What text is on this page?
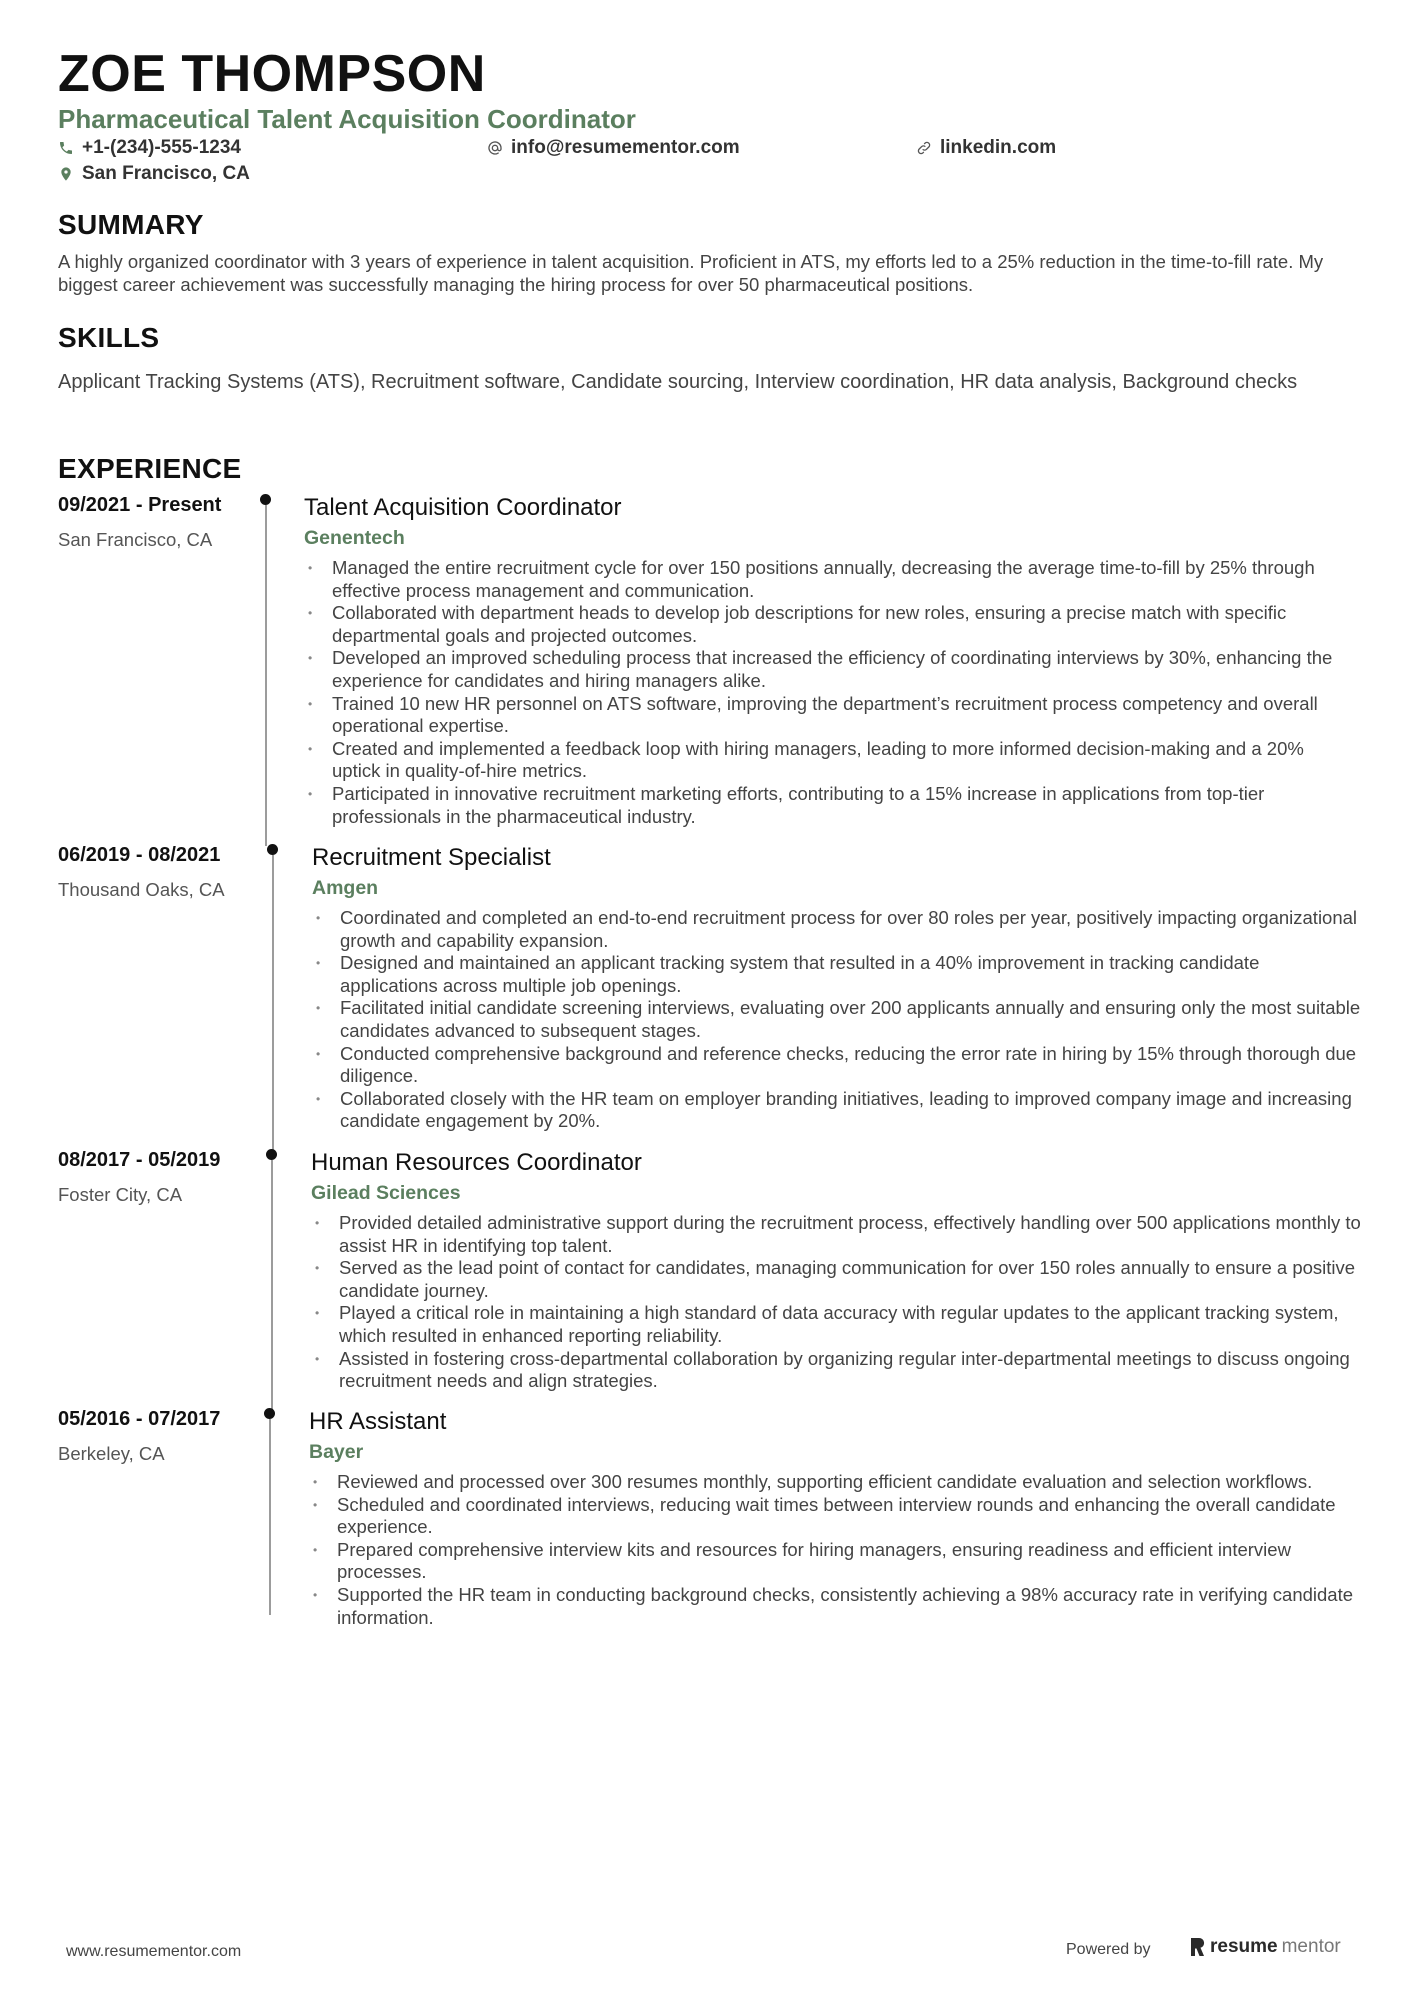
ZOE THOMPSON
Pharmaceutical Talent Acquisition Coordinator
+1-(234)-555-1234	info@resumementor.com	linkedin.com
San Francisco, CA
SUMMARY
A highly organized coordinator with 3 years of experience in talent acquisition. Proficient in ATS, my efforts led to a 25% reduction in the time-to-fill rate. My biggest career achievement was successfully managing the hiring process for over 50 pharmaceutical positions.
SKILLS
Applicant Tracking Systems (ATS), Recruitment software, Candidate sourcing, Interview coordination, HR data analysis, Background checks
EXPERIENCE
09/2021 - Present
San Francisco, CA
Talent Acquisition Coordinator
Genentech
• Managed the entire recruitment cycle for over 150 positions annually, decreasing the average time-to-fill by 25% through effective process management and communication.
• Collaborated with department heads to develop job descriptions for new roles, ensuring a precise match with specific departmental goals and projected outcomes.
• Developed an improved scheduling process that increased the efficiency of coordinating interviews by 30%, enhancing the experience for candidates and hiring managers alike.
• Trained 10 new HR personnel on ATS software, improving the department’s recruitment process competency and overall operational expertise.
• Created and implemented a feedback loop with hiring managers, leading to more informed decision-making and a 20% uptick in quality-of-hire metrics.
• Participated in innovative recruitment marketing efforts, contributing to a 15% increase in applications from top-tier professionals in the pharmaceutical industry.
06/2019 - 08/2021
Thousand Oaks, CA
Recruitment Specialist
Amgen
• Coordinated and completed an end-to-end recruitment process for over 80 roles per year, positively impacting organizational growth and capability expansion.
• Designed and maintained an applicant tracking system that resulted in a 40% improvement in tracking candidate applications across multiple job openings.
• Facilitated initial candidate screening interviews, evaluating over 200 applicants annually and ensuring only the most suitable candidates advanced to subsequent stages.
• Conducted comprehensive background and reference checks, reducing the error rate in hiring by 15% through thorough due diligence.
• Collaborated closely with the HR team on employer branding initiatives, leading to improved company image and increasing candidate engagement by 20%.
08/2017 - 05/2019
Foster City, CA
Human Resources Coordinator
Gilead Sciences
• Provided detailed administrative support during the recruitment process, effectively handling over 500 applications monthly to assist HR in identifying top talent.
• Served as the lead point of contact for candidates, managing communication for over 150 roles annually to ensure a positive candidate journey.
• Played a critical role in maintaining a high standard of data accuracy with regular updates to the applicant tracking system, which resulted in enhanced reporting reliability.
• Assisted in fostering cross-departmental collaboration by organizing regular inter-departmental meetings to discuss ongoing recruitment needs and align strategies.
05/2016 - 07/2017
Berkeley, CA
HR Assistant
Bayer
• Reviewed and processed over 300 resumes monthly, supporting efficient candidate evaluation and selection workflows.
• Scheduled and coordinated interviews, reducing wait times between interview rounds and enhancing the overall candidate experience.
• Prepared comprehensive interview kits and resources for hiring managers, ensuring readiness and efficient interview processes.
• Supported the HR team in conducting background checks, consistently achieving a 98% accuracy rate in verifying candidate information.
www.resumementor.com	Powered by	resume mentor
